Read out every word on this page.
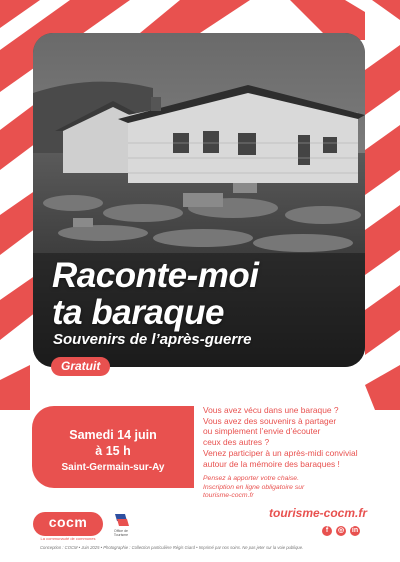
Raconte-moi
ta baraque
Souvenirs de l’après-guerre
Gratuit
Samedi 14 juin
à 15 h
Saint-Germain-sur-Ay

Vous avez vécu dans une baraque ?

Vous avez des souvenirs à partager

ou simplement l’envie d’écouter

ceux des autres ?

Venez participer à un après-midi convivial

autour de la mémoire des baraques !

Pensez à apporter votre chaise.

Inscription en ligne obligatoire sur

tourisme-cocm.fr

cocm
La communauté de communes
Office de Tourisme
tourisme-cocm.fr
f	◎ in
Conception : COCM • Juin 2025 • Photographie : Collection particulière Régis Giard • Imprimé par nos soins. Ne pas jeter sur la voie publique.
